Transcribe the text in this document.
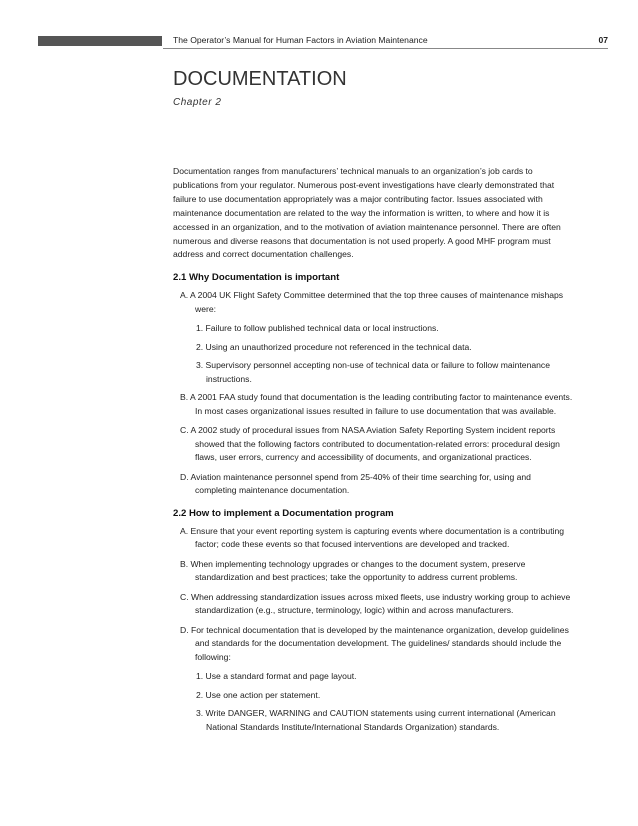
The Operator’s Manual for Human Factors in Aviation Maintenance	07
DOCUMENTATION
Chapter 2

Documentation ranges from manufacturers’ technical manuals to an organization’s job cards to publications from your regulator. Numerous post-event investigations have clearly demonstrated that failure to use documentation appropriately was a major contributing factor. Issues associated with maintenance documentation are related to the way the information is written, to where and how it is accessed in an organization, and to the motivation of aviation maintenance personnel. There are often numerous and diverse reasons that documentation is not used properly. A good MHF program must address and correct documentation challenges.

2.1 Why Documentation is important

A. A 2004 UK Flight Safety Committee determined that the top three causes of maintenance mishaps were:

1. Failure to follow published technical data or local instructions.

2. Using an unauthorized procedure not referenced in the technical data.

3. Supervisory personnel accepting non-use of technical data or failure to follow maintenance instructions.

B. A 2001 FAA study found that documentation is the leading contributing factor to maintenance events. In most cases organizational issues resulted in failure to use documentation that was available.

C. A 2002 study of procedural issues from NASA Aviation Safety Reporting System incident reports showed that the following factors contributed to documentation-related errors: procedural design flaws, user errors, currency and accessibility of documents, and organizational practices.

D. Aviation maintenance personnel spend from 25-40% of their time searching for, using and completing maintenance documentation.

2.2 How to implement a Documentation program

A. Ensure that your event reporting system is capturing events where documentation is a contributing factor; code these events so that focused interventions are developed and tracked.

B. When implementing technology upgrades or changes to the document system, preserve standardization and best practices; take the opportunity to address current problems.

C. When addressing standardization issues across mixed fleets, use industry working group to achieve standardization (e.g., structure, terminology, logic) within and across manufacturers.

D. For technical documentation that is developed by the maintenance organization, develop guidelines and standards for the documentation development. The guidelines/ standards should include the following:

1. Use a standard format and page layout.

2. Use one action per statement.

3. Write DANGER, WARNING and CAUTION statements using current international (American National Standards Institute/International Standards Organization) standards.
